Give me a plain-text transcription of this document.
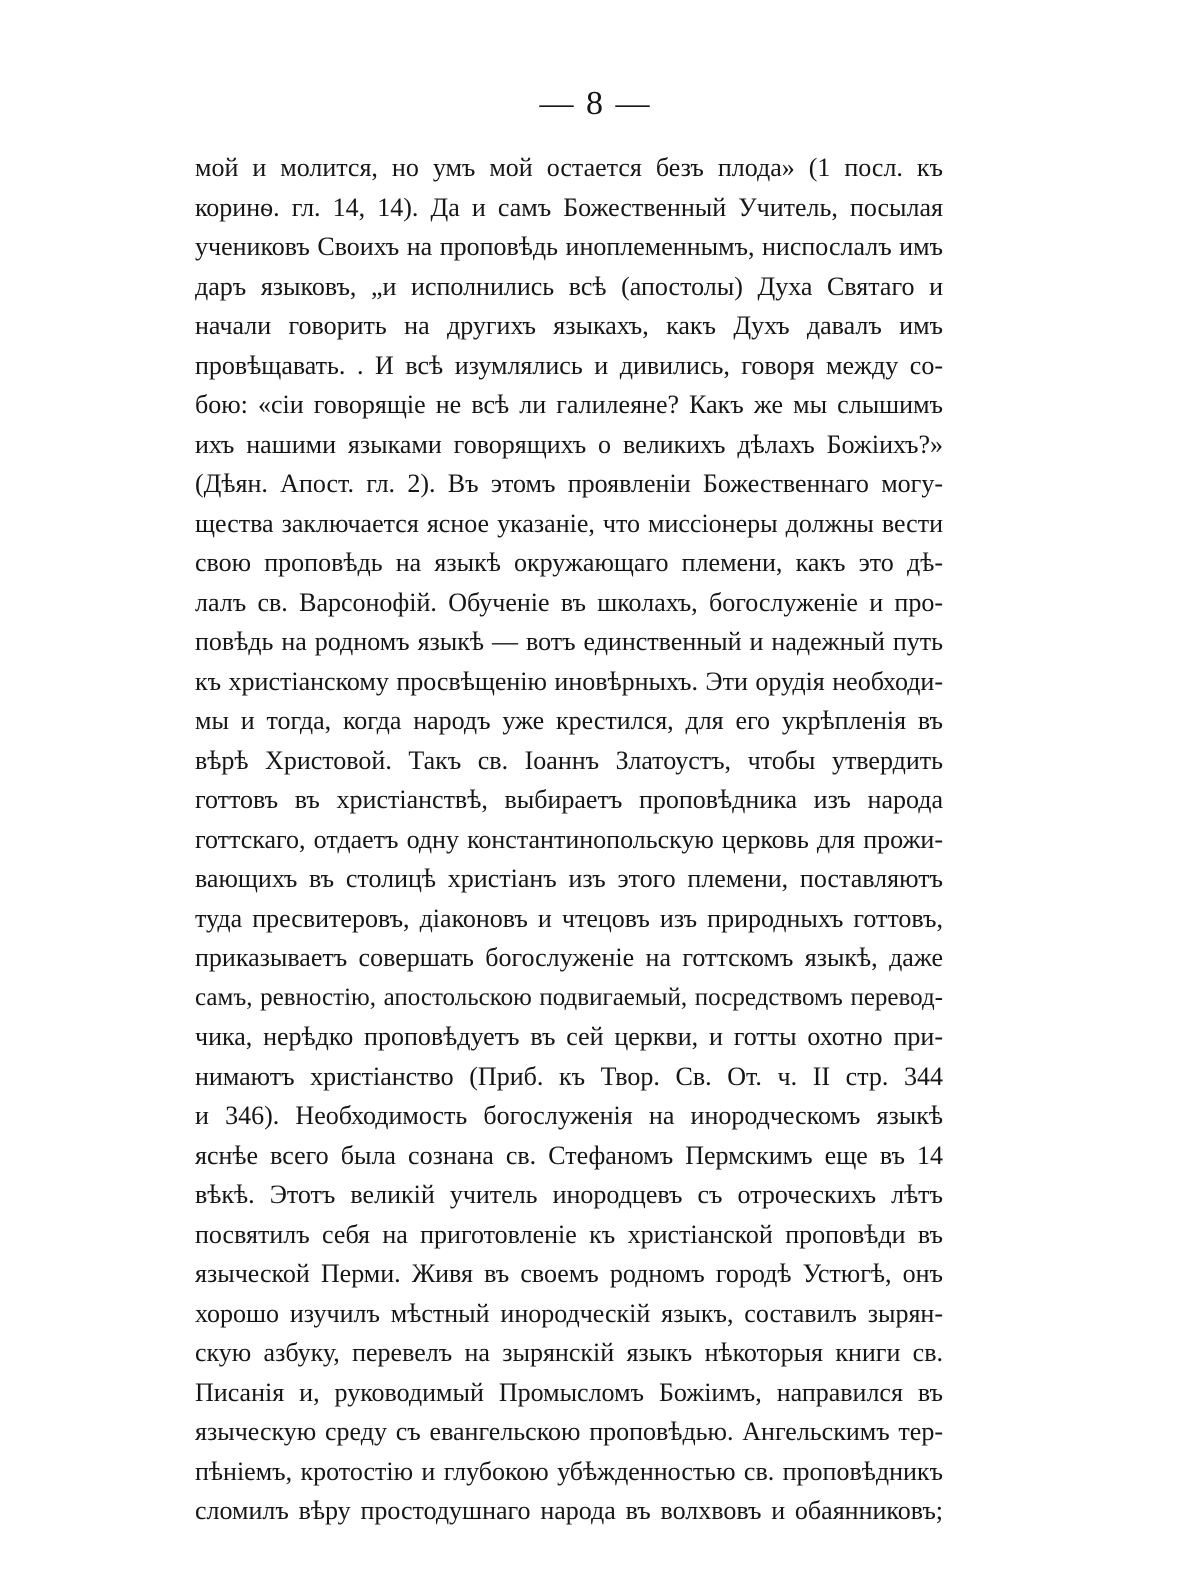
— 8 —
мой и молится, но умъ мой остается безъ плода» (1 посл. къ
коринѳ. гл. 14, 14). Да и самъ Божественный Учитель, посылая
учениковъ Своихъ на проповѣдь иноплеменнымъ, ниспослалъ имъ
даръ языковъ, „и исполнились всѣ (апостолы) Духа Святаго и
начали говорить на другихъ языкахъ, какъ Духъ давалъ имъ
провѣщавать. . И всѣ изумлялись и дивились, говоря между со-
бою: «сіи говорящіе не всѣ ли галилеяне? Какъ же мы слышимъ
ихъ нашими языками говорящихъ о великихъ дѣлахъ Божіихъ?»
(Дѣян. Апост. гл. 2). Въ этомъ проявленіи Божественнаго могу-
щества заключается ясное указаніе, что миссіонеры должны вести
свою проповѣдь на языкѣ окружающаго племени, какъ это дѣ-
лалъ св. Варсонофій. Обученіе въ школахъ, богослуженіе и про-
повѣдь на родномъ языкѣ — вотъ единственный и надежный путь
къ христіанскому просвѣщенію иновѣрныхъ. Эти орудія необходи-
мы и тогда, когда народъ уже крестился, для его укрѣпленія въ
вѣрѣ Христовой. Такъ св. Іоаннъ Златоустъ, чтобы утвердить
готтовъ въ христіанствѣ, выбираетъ проповѣдника изъ народа
готтскаго, отдаетъ одну константинопольскую церковь для прожи-
вающихъ въ столицѣ христіанъ изъ этого племени, поставляютъ
туда пресвитеровъ, діаконовъ и чтецовъ изъ природныхъ готтовъ,
приказываетъ совершать богослуженіе на готтскомъ языкѣ, даже
самъ, ревностію, апостольскою подвигаемый, посредствомъ перевод-
чика, нерѣдко проповѣдуетъ въ сей церкви, и готты охотно при-
нимаютъ христіанство (Приб. къ Твор. Св. От. ч. II стр. 344
и 346). Необходимость богослуженія на инородческомъ языкѣ
яснѣе всего была сознана св. Стефаномъ Пермскимъ еще въ 14
вѣкѣ. Этотъ великій учитель инородцевъ съ отроческихъ лѣтъ
посвятилъ себя на приготовленіе къ христіанской проповѣди въ
языческой Перми. Живя въ своемъ родномъ городѣ Устюгѣ, онъ
хорошо изучилъ мѣстный инородческій языкъ, составилъ зырян-
скую азбуку, перевелъ на зырянскій языкъ нѣкоторыя книги св.
Писанія и, руководимый Промысломъ Божіимъ, направился въ
языческую среду съ евангельскою проповѣдью. Ангельскимъ тер-
пѣніемъ, кротостію и глубокою убѣжденностью св. проповѣдникъ
сломилъ вѣру простодушнаго народа въ волхвовъ и обаянниковъ;
